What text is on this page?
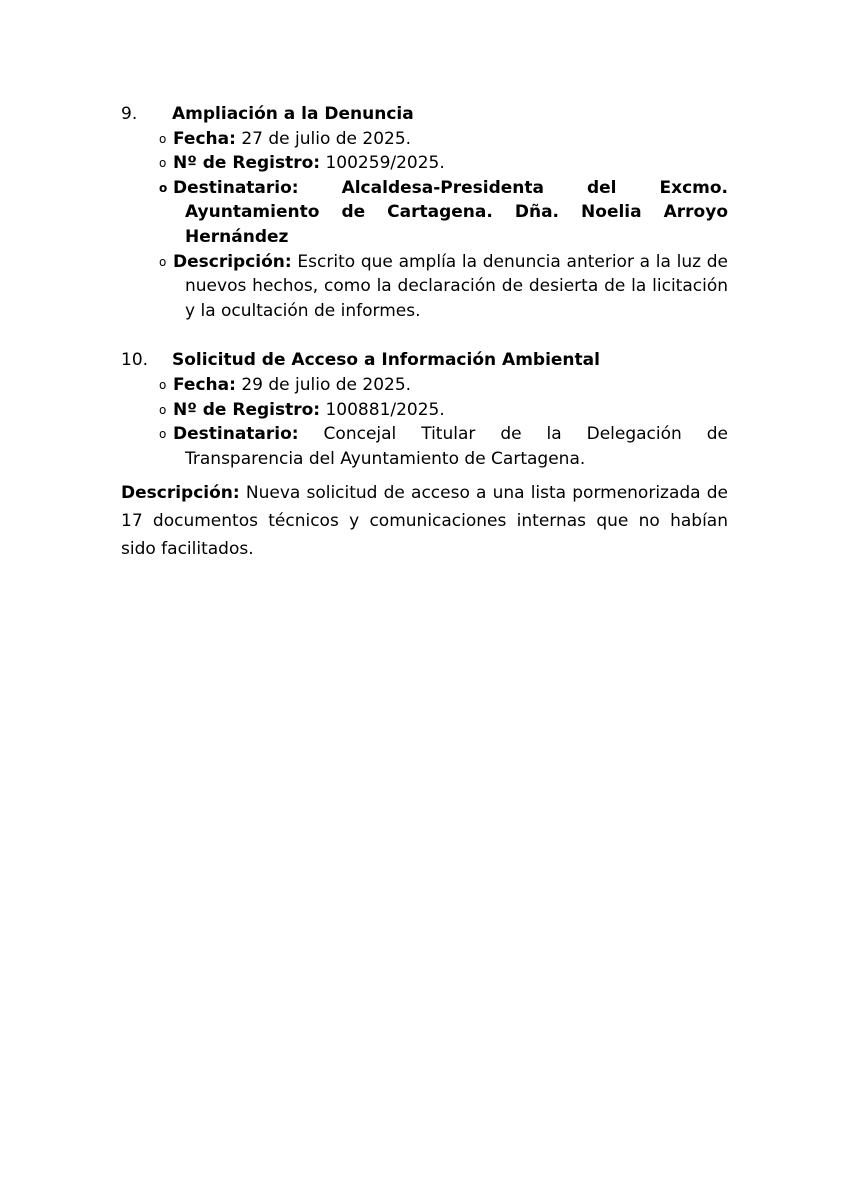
9.	Ampliación a la Denuncia

o Fecha: 27 de julio de 2025.
o Nº de Registro: 100259/2025.
o Destinatario:	Alcaldesa-Presidenta del Excmo. Ayuntamiento de Cartagena. Dña. Noelia Arroyo Hernández
o Descripción: Escrito que amplía la denuncia anterior a la luz de nuevos hechos, como la declaración de desierta de la licitación y la ocultación de informes.

10.	Solicitud de Acceso a Información Ambiental

o Fecha: 29 de julio de 2025.
o Nº de Registro: 100881/2025.
o Destinatario: Concejal Titular de la Delegación de Transparencia del Ayuntamiento de Cartagena.

Descripción: Nueva solicitud de acceso a una lista pormenorizada de 17 documentos técnicos y comunicaciones internas que no habían sido facilitados.
